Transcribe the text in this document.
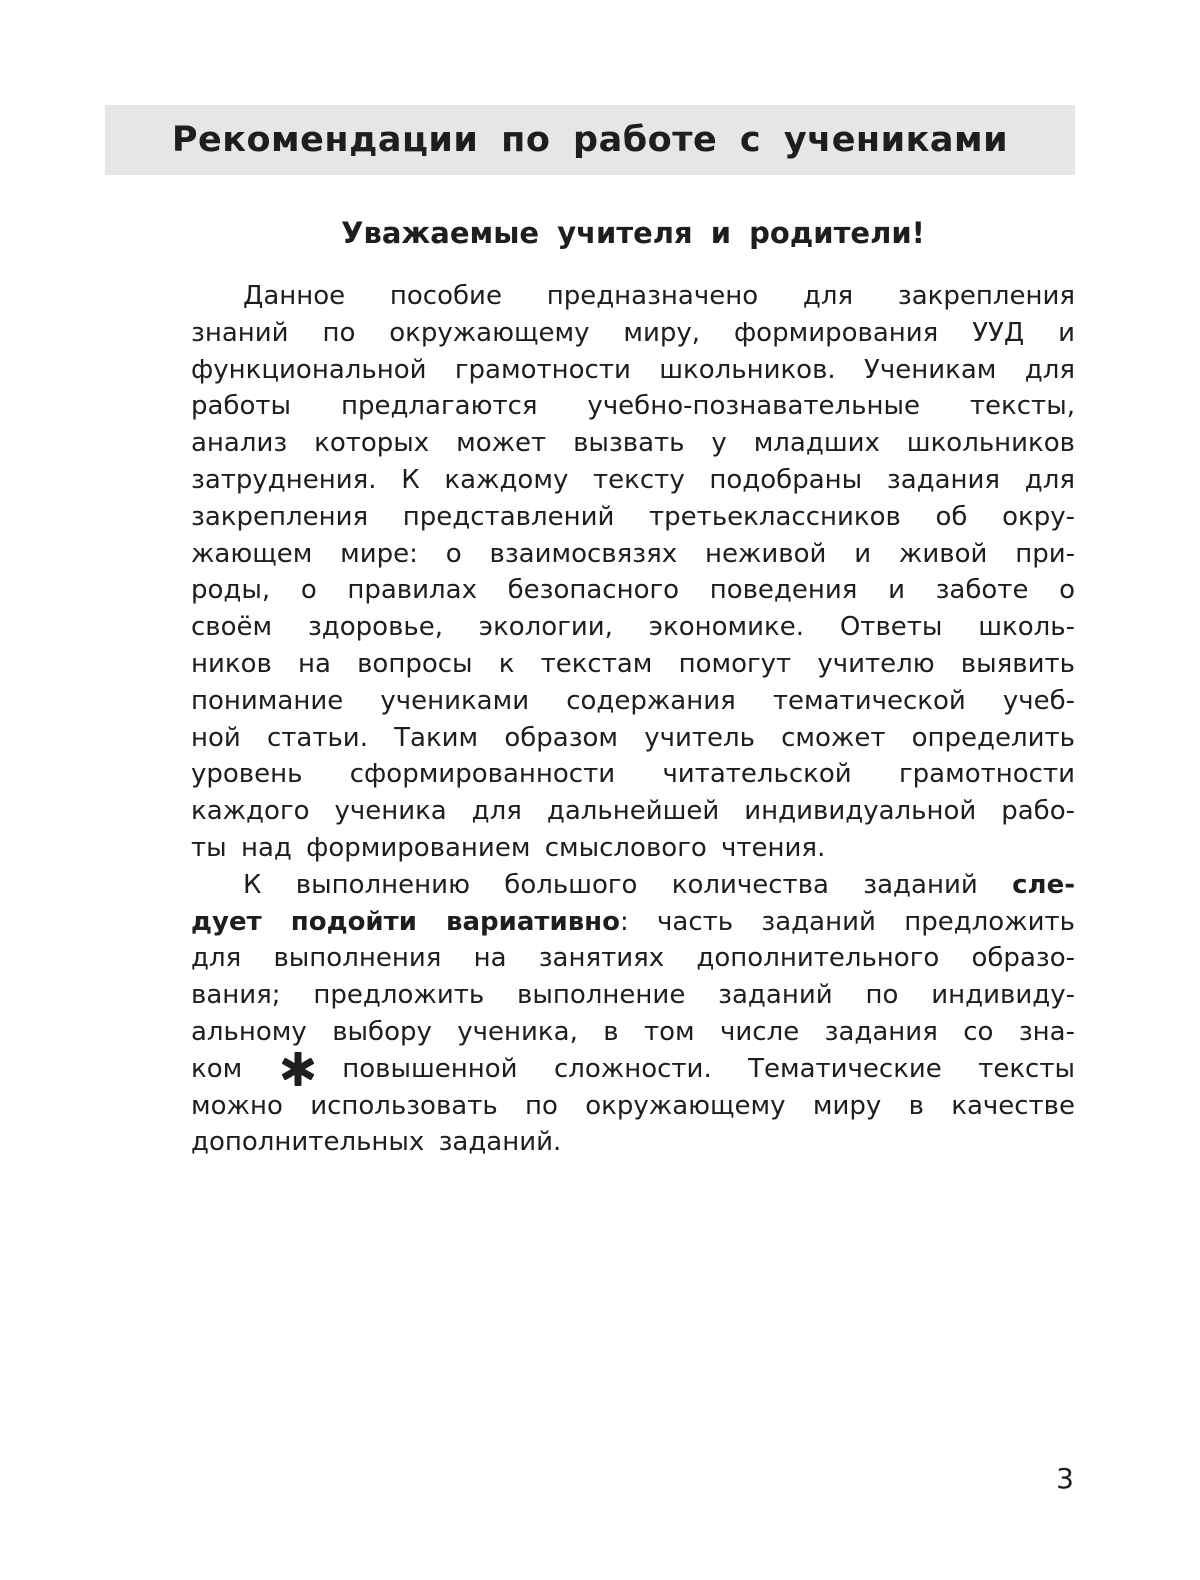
Рекомендации по работе с учениками
Уважаемые учителя и родители!
Данное пособие предназначено для закрепления
знаний по окружающему миру, формирования УУД и
функциональной грамотности школьников. Ученикам для
работы предлагаются учебно-познавательные тексты,
анализ которых может вызвать у младших школьников
затруднения. К каждому тексту подобраны задания для
закрепления представлений третьеклассников об окру-
жающем мире: о взаимосвязях неживой и живой при-
роды, о правилах безопасного поведения и заботе о
своём здоровье, экологии, экономике. Ответы школь-
ников на вопросы к текстам помогут учителю выявить
понимание учениками содержания тематической учеб-
ной статьи. Таким образом учитель сможет определить
уровень сформированности читательской грамотности
каждого ученика для дальнейшей индивидуальной рабо-
ты над формированием смыслового чтения.
К выполнению большого количества заданий сле-
дует подойти вариативно: часть заданий предложить
для выполнения на занятиях дополнительного образо-
вания; предложить выполнение заданий по индивиду-
альному выбору ученика, в том числе задания со зна-
ком	повышенной сложности. Тематические тексты
можно использовать по окружающему миру в качестве
дополнительных заданий.

3
